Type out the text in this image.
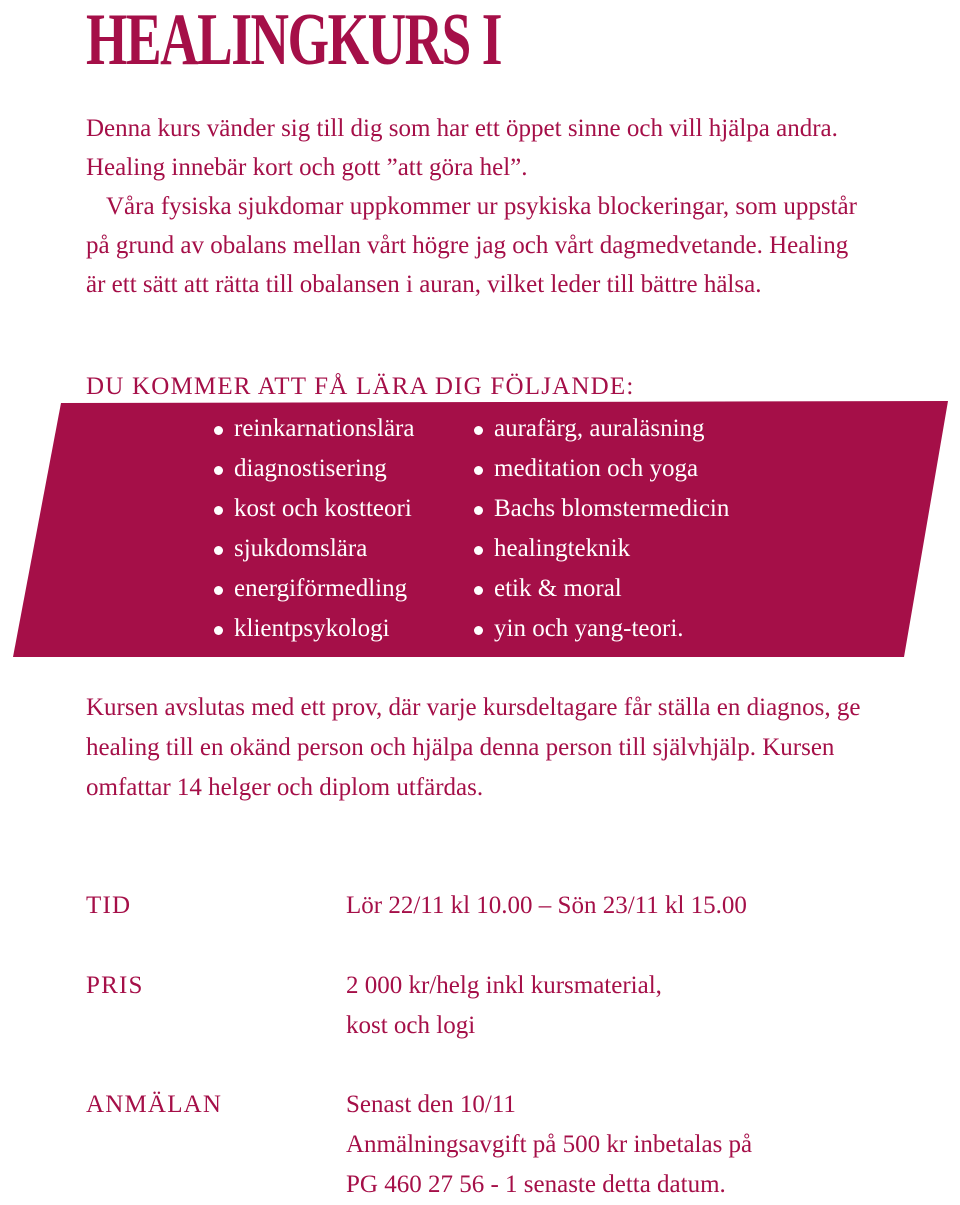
HEALINGKURS I

Denna kurs vänder sig till dig som har ett öppet sinne och vill hjälpa andra. Healing innebär kort och gott ”att göra hel”.

Våra fysiska sjukdomar uppkommer ur psykiska blockeringar, som uppstår på grund av obalans mellan vårt högre jag och vårt dagmedvetande. Healing är ett sätt att rätta till obalansen i auran, vilket leder till bättre hälsa.

DU KOMMER ATT FÅ LÄRA DIG FÖLJANDE:
reinkarnationslära
diagnostisering
kost och kostteori
sjukdomslära
energiförmedling
klientpsykologi
aurafärg, auraläsning
meditation och yoga
Bachs blomstermedicin
healingteknik
etik & moral
yin och yang-teori.
Kursen avslutas med ett prov, där varje kursdeltagare får ställa en diagnos, ge healing till en okänd person och hjälpa denna person till självhjälp. Kursen omfattar 14 helger och diplom utfärdas.
TID	Lör 22/11 kl 10.00 – Sön 23/11 kl 15.00
PRIS	2 000 kr/helg inkl kursmaterial,
kost och logi
ANMÄLAN	Senast den 10/11
Anmälningsavgift på 500 kr inbetalas på
PG 460 27 56 - 1 senaste detta datum.
